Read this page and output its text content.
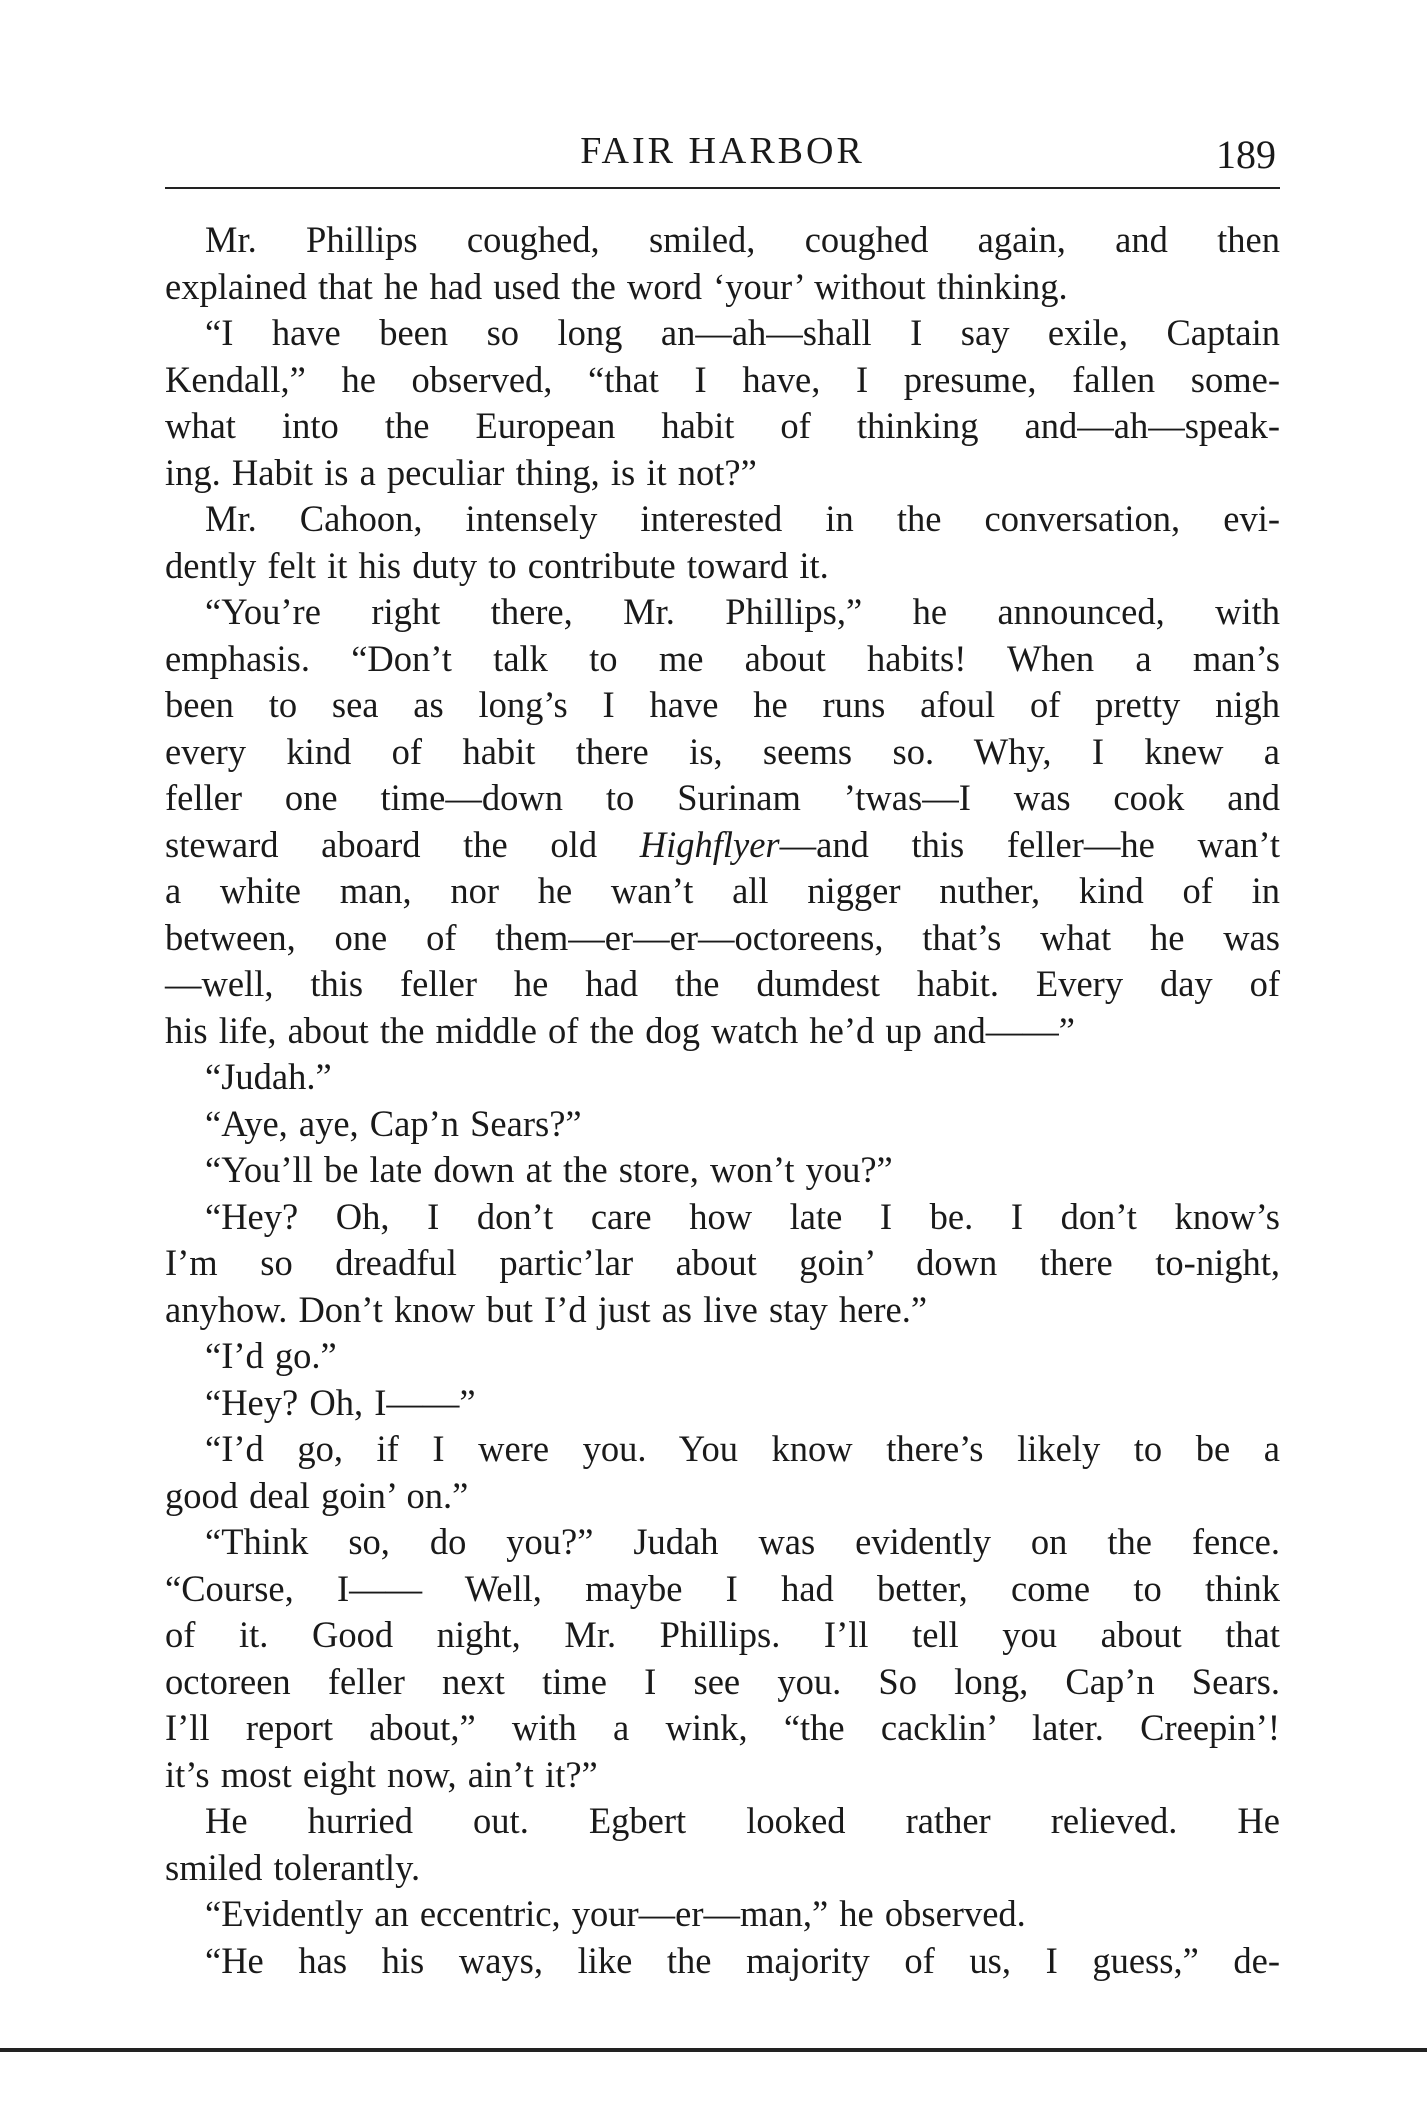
FAIR HARBOR	189
Mr. Phillips coughed, smiled, coughed again, and then
explained that he had used the word ‘your’ without thinking.
“I have been so long an—ah—shall I say exile, Captain
Kendall,” he observed, “that I have, I presume, fallen some-
what into the European habit of thinking and—ah—speak-
ing. Habit is a peculiar thing, is it not?”
Mr. Cahoon, intensely interested in the conversation, evi-
dently felt it his duty to contribute toward it.
“You’re right there, Mr. Phillips,” he announced, with
emphasis. “Don’t talk to me about habits! When a man’s
been to sea as long’s I have he runs afoul of pretty nigh
every kind of habit there is, seems so. Why, I knew a
feller one time—down to Surinam ’twas—I was cook and
steward aboard the old Highflyer—and this feller—he wan’t
a white man, nor he wan’t all nigger nuther, kind of in
between, one of them—er—er—octoreens, that’s what he was
—well, this feller he had the dumdest habit. Every day of
his life, about the middle of the dog watch he’d up and——”
“Judah.”
“Aye, aye, Cap’n Sears?”
“You’ll be late down at the store, won’t you?”
“Hey? Oh, I don’t care how late I be. I don’t know’s
I’m so dreadful partic’lar about goin’ down there to-night,
anyhow. Don’t know but I’d just as live stay here.”
“I’d go.”
“Hey? Oh, I——”
“I’d go, if I were you. You know there’s likely to be a
good deal goin’ on.”
“Think so, do you?” Judah was evidently on the fence.
“Course, I—— Well, maybe I had better, come to think
of it. Good night, Mr. Phillips. I’ll tell you about that
octoreen feller next time I see you. So long, Cap’n Sears.
I’ll report about,” with a wink, “the cacklin’ later. Creepin’!
it’s most eight now, ain’t it?”
He hurried out. Egbert looked rather relieved. He
smiled tolerantly.
“Evidently an eccentric, your—er—man,” he observed.
“He has his ways, like the majority of us, I guess,” de-
